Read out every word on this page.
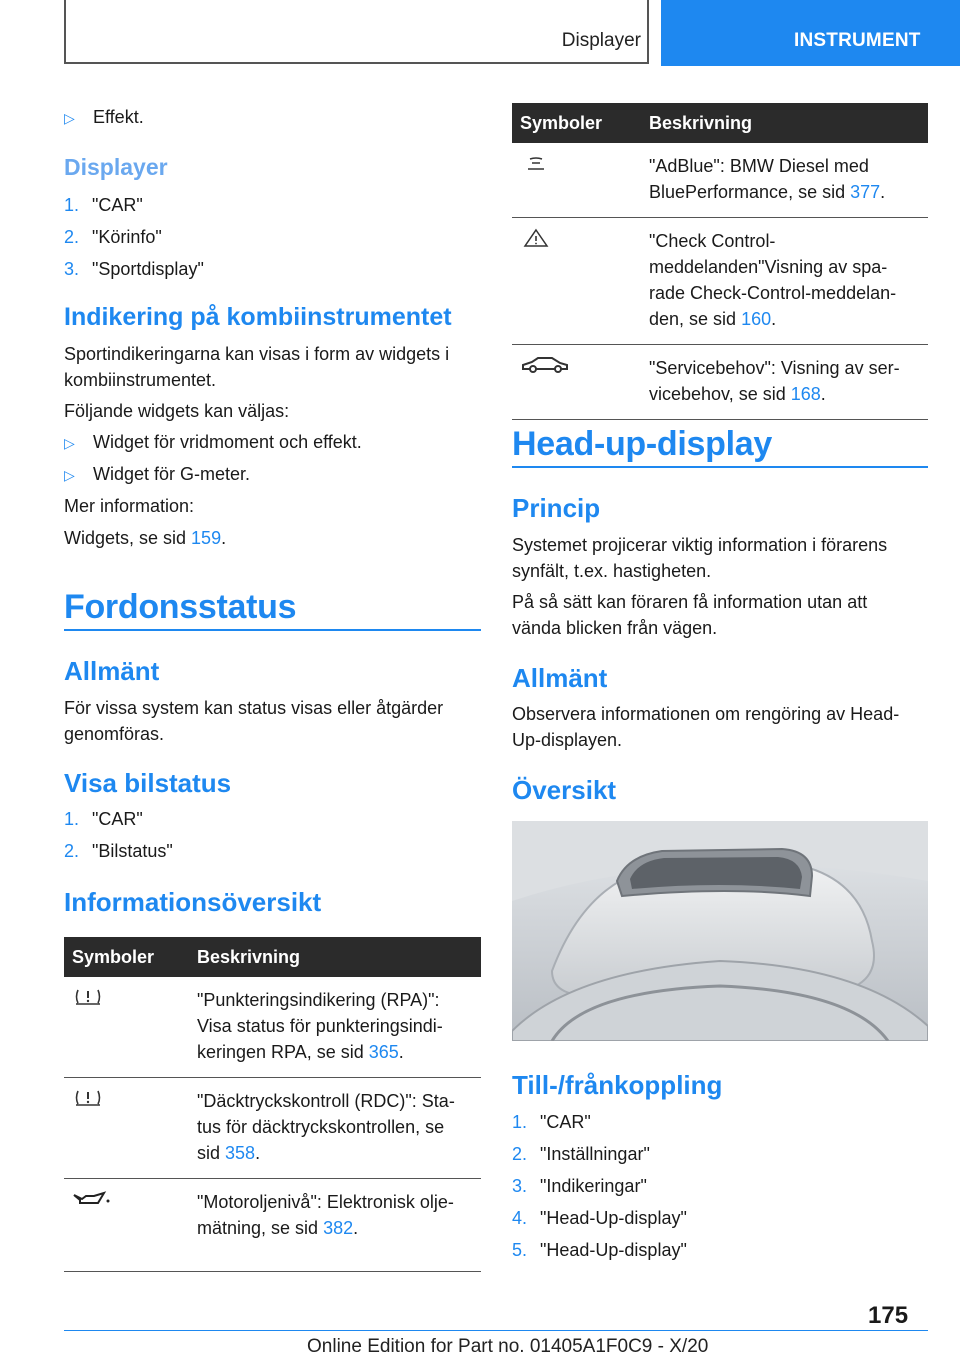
Displayer	INSTRUMENT
▷ Effekt.
Displayer
1. "CAR"
2. "Körinfo"
3. "Sportdisplay"
Indikering på kombiinstrumentet
Sportindikeringarna kan visas i form av widgets i
kombiinstrumentet.
Följande widgets kan väljas:
▷ Widget för vridmoment och effekt.
▷ Widget för G-meter.
Mer information:
Widgets, se sid 159.
Fordonsstatus
Allmänt
För vissa system kan status visas eller åtgärder
genomföras.
Visa bilstatus
1. "CAR"
2. "Bilstatus"
Informationsöversikt
Symboler	Beskrivning

"Punkteringsindikering (RPA)":
Visa status för punkteringsindi-
keringen RPA, se sid 365.

"Däcktryckskontroll (RDC)": Sta-
tus för däcktryckskontrollen, se
sid 358.

"Motoroljenivå": Elektronisk olje-
mätning, se sid 382.
Symboler	Beskrivning

"AdBlue": BMW Diesel med
BluePerformance, se sid 377.

"Check Control-
meddelanden"Visning av spa-
rade Check-Control-meddelan-
den, se sid 160.

"Servicebehov": Visning av ser-
vicebehov, se sid 168.
Head-up-display
Princip
Systemet projicerar viktig information i förarens
synfält, t.ex. hastigheten.
På så sätt kan föraren få information utan att
vända blicken från vägen.
Allmänt
Observera informationen om rengöring av Head-
Up-displayen.
Översikt
Till-/frånkoppling
1. "CAR"
2. "Inställningar"
3. "Indikeringar"
4. "Head-Up-display"
5. "Head-Up-display"
175
Online Edition for Part no. 01405A1F0C9 - X/20
